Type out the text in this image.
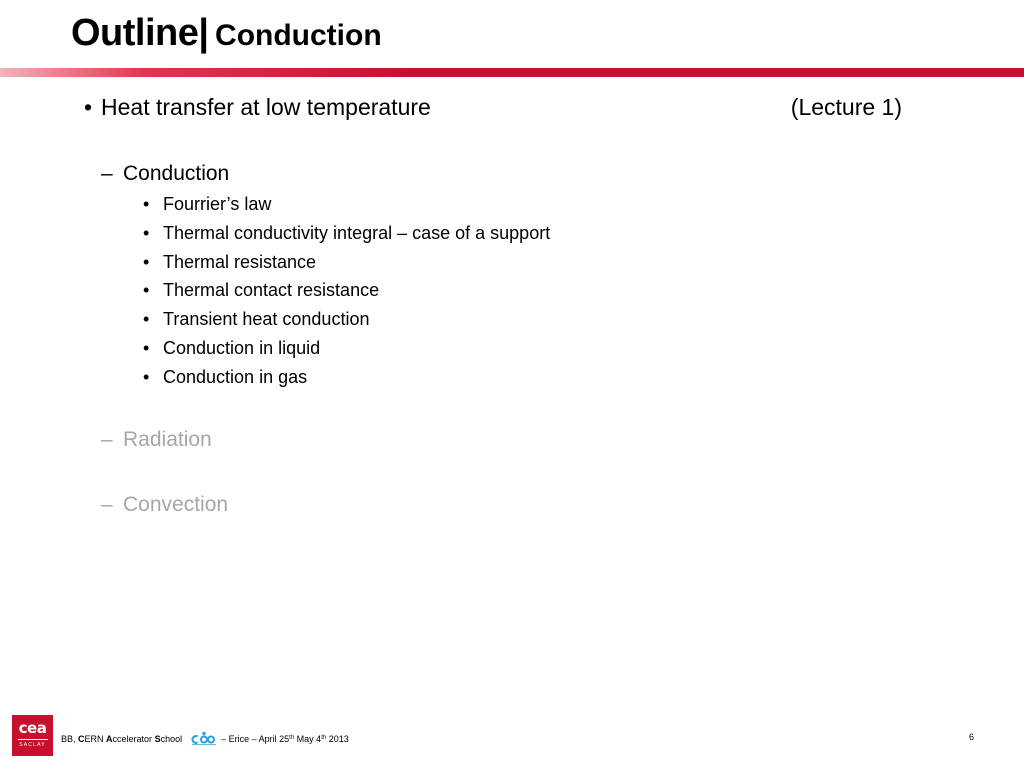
Outline| Conduction
• Heat transfer at low temperature	(Lecture 1)
– Conduction
• Fourrier’s law
• Thermal conductivity integral – case of a support
• Thermal resistance
• Thermal contact resistance
• Transient heat conduction
• Conduction in liquid
• Conduction in gas
– Radiation
– Convection
cea
SACLAY
BB, CERN Accelerator School	– Erice – April 25th May 4th 2013	6
